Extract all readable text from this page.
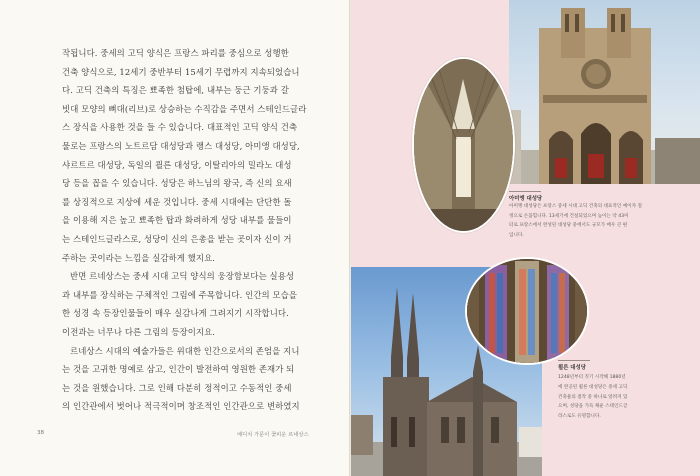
작됩니다. 중세의 고딕 양식은 프랑스 파리를 중심으로 성행한
건축 양식으로, 12세기 중반부터 15세기 무렵까지 지속되었습니
다. 고딕 건축의 특징은 뾰족한 첨탑에, 내부는 둥근 기둥과 갈
빗대 모양의 뼈대(리브)로 상승하는 수직감을 주면서 스테인드글라
스 장식을 사용한 것을 들 수 있습니다. 대표적인 고딕 양식 건축
물로는 프랑스의 노트르담 대성당과 랭스 대성당, 아미앵 대성당,
샤르트르 대성당, 독일의 쾰른 대성당, 이탈리아의 밀라노 대성
당 등을 꼽을 수 있습니다. 성당은 하느님의 왕국, 즉 신의 요새
를 상징적으로 지상에 세운 것입니다. 중세 시대에는 단단한 돌
을 이용해 지은 높고 뾰족한 탑과 화려하게 성당 내부를 물들이
는 스테인드글라스로, 성당이 신의 은총을 받는 곳이자 신이 거
주하는 곳이라는 느낌을 실감하게 했지요.

반면 르네상스는 중세 시대 고딕 양식의 웅장함보다는 실용성
과 내부를 장식하는 구체적인 그림에 주목합니다. 인간의 모습을
한 성경 속 등장인물들이 매우 실감나게 그려지기 시작합니다.
이전과는 너무나 다른 그림의 등장이지요.

르네상스 시대의 예술가들은 위대한 인간으로서의 존엄을 지니
는 것을 고귀한 명예로 삼고, 인간이 발전하여 영원한 존재가 되
는 것을 원했습니다. 그로 인해 다분히 정적이고 수동적인 중세
의 인간관에서 벗어나 적극적이며 창조적인 인간관으로 변하였지

38	예디치 가문이 꽃피운 르네상스
아미앵 대성당
아미앵 대성당은 프랑스 중세 시대 고딕 건축의 대표적인 예이자 절
정으로 손꼽힙니다. 13세기에 건설되었으며 높이는 약 43미
터로 프랑스에서 완성된 대성당 중에서도 규모가 매우 큰 편
입니다.
쾰른 대성당
1248년부터 짓기 시작해 1880년
에 완공된 쾰른 대성당은 중세 고딕
건축물의 걸작 중 하나로 알려져 있
으며, 성당을 가득 채운 스테인드글
라스로도 유명합니다.
